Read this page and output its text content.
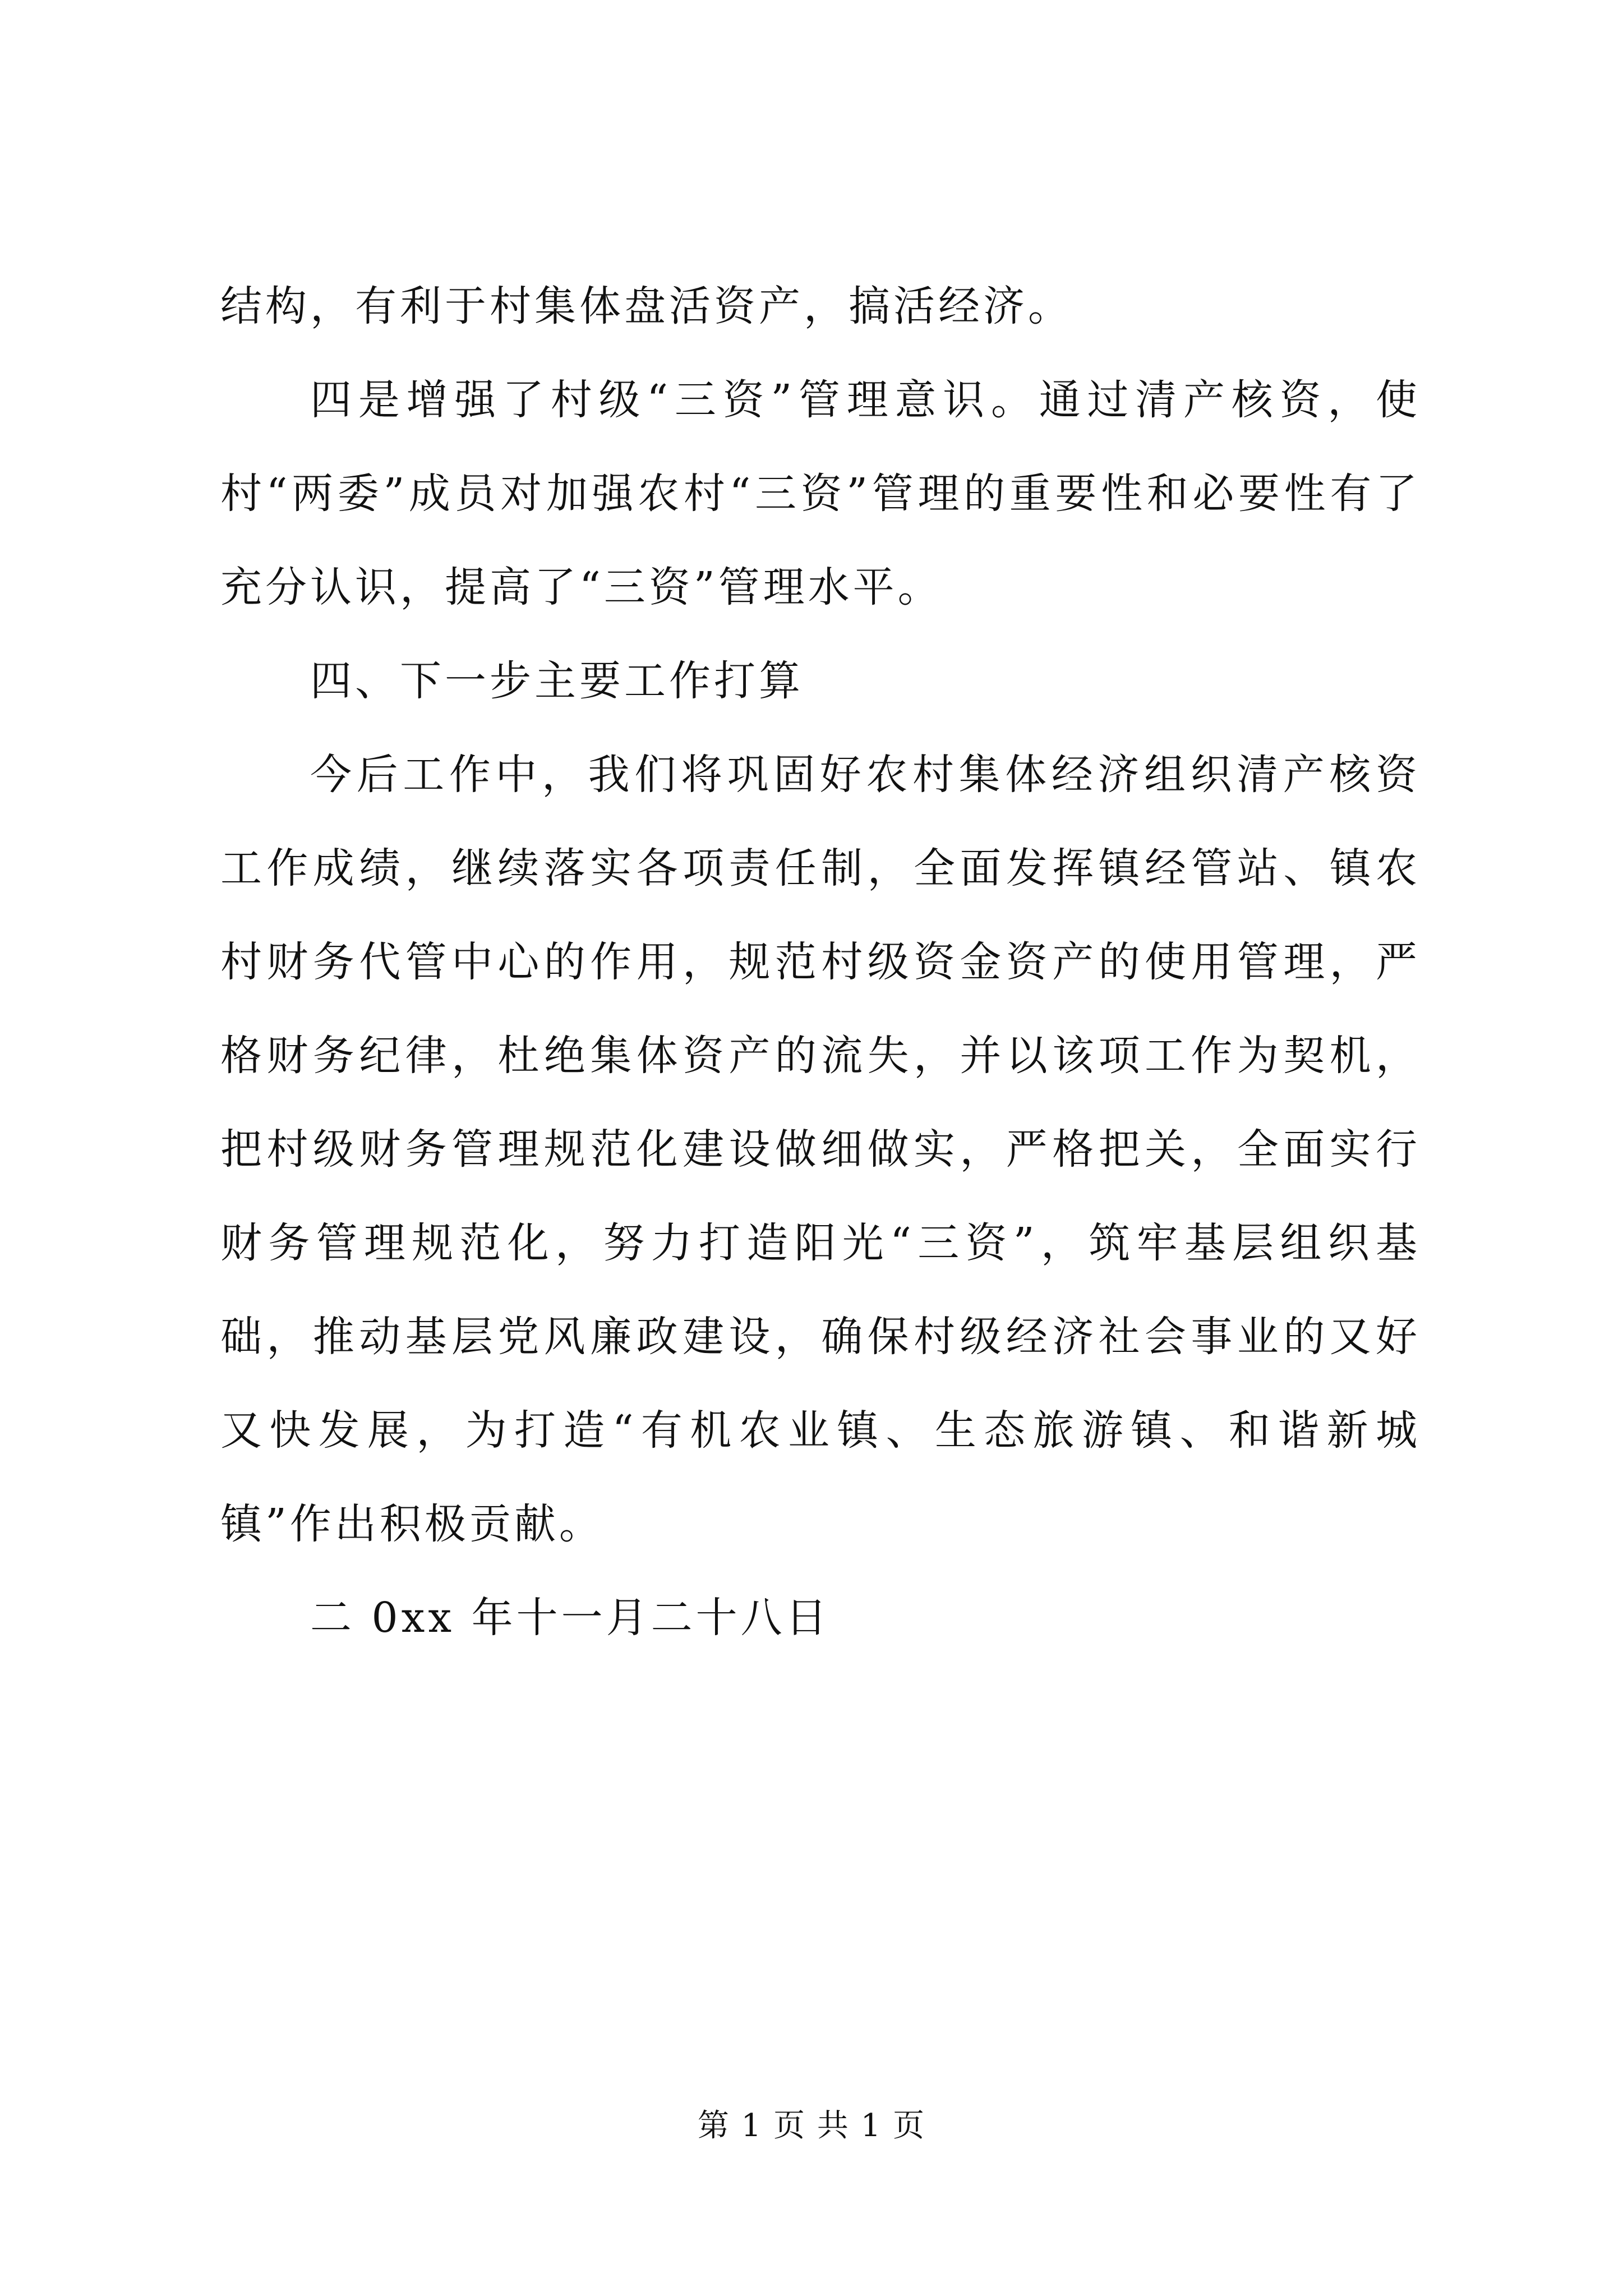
结构，有利于村集体盘活资产，搞活经济。

四是增强了村级“三资”管理意识。通过清产核资，使村“两委”成员对加强农村“三资”管理的重要性和必要性有了充分认识，提高了“三资”管理水平。

四、下一步主要工作打算

今后工作中，我们将巩固好农村集体经济组织清产核资工作成绩，继续落实各项责任制，全面发挥镇经管站、镇农村财务代管中心的作用，规范村级资金资产的使用管理，严格财务纪律，杜绝集体资产的流失，并以该项工作为契机，把村级财务管理规范化建设做细做实，严格把关，全面实行财务管理规范化，努力打造阳光“三资”，筑牢基层组织基础，推动基层党风廉政建设，确保村级经济社会事业的又好又快发展，为打造“有机农业镇、生态旅游镇、和谐新城镇”作出积极贡献。

二 0xx 年十一月二十八日

第 1 页 共 1 页
